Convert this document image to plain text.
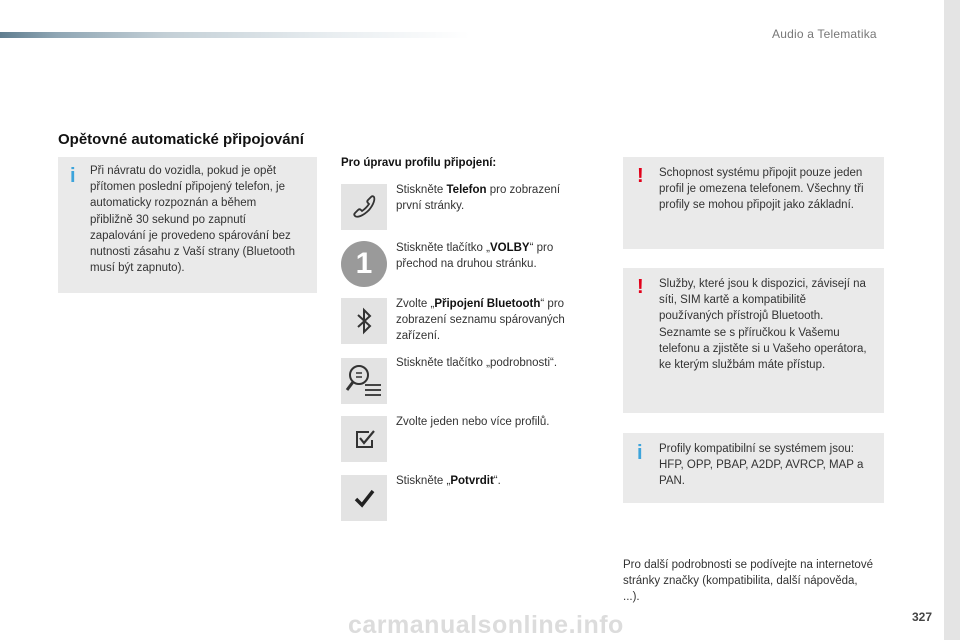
Audio a Telematika
Opětovné automatické připojování
i Při návratu do vozidla, pokud je opět přítomen poslední připojený telefon, je automaticky rozpoznán a během přibližně 30 sekund po zapnutí zapalování je provedeno spárování bez nutnosti zásahu z Vaší strany (Bluetooth musí být zapnuto).
Pro úpravu profilu připojení:
Stiskněte Telefon pro zobrazení první stránky.
1	Stiskněte tlačítko „VOLBY“ pro přechod na druhou stránku.
Zvolte „Připojení Bluetooth“ pro zobrazení seznamu spárovaných zařízení.
Stiskněte tlačítko „podrobnosti“.
Zvolte jeden nebo více profilů.
Stiskněte „Potvrdit“.
! Schopnost systému připojit pouze jeden profil je omezena telefonem. Všechny tři profily se mohou připojit jako základní.
! Služby, které jsou k dispozici, závisejí na síti, SIM kartě a kompatibilitě používaných přístrojů Bluetooth. Seznamte se s příručkou k Vašemu telefonu a zjistěte si u Vašeho operátora, ke kterým službám máte přístup.
i Profily kompatibilní se systémem jsou: HFP, OPP, PBAP, A2DP, AVRCP, MAP a PAN.
Pro další podrobnosti se podívejte na internetové stránky značky (kompatibilita, další nápověda, ...).
carmanualsonline.info	327
